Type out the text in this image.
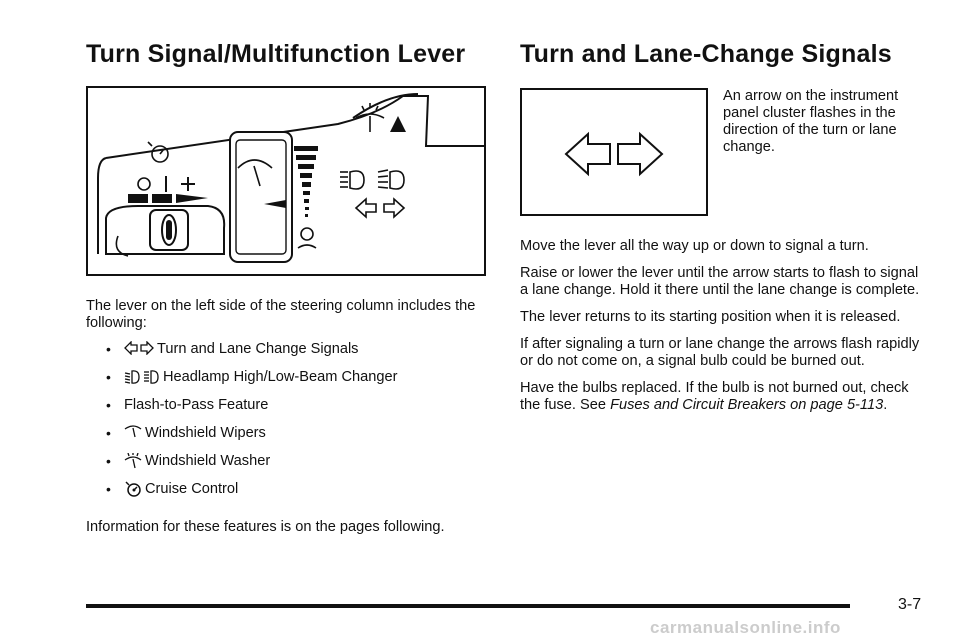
Turn Signal/Multifunction Lever

The lever on the left side of the steering column includes the following:

•	Turn and Lane Change Signals
•	Headlamp High/Low-Beam Changer
• Flash-to-Pass Feature
•	Windshield Wipers
•	Windshield Washer
•	Cruise Control

Information for these features is on the pages following.

Turn and Lane-Change Signals

An arrow on the instrument panel cluster flashes in the direction of the turn or lane change.

Move the lever all the way up or down to signal a turn.

Raise or lower the lever until the arrow starts to flash to signal a lane change. Hold it there until the lane change is complete.

The lever returns to its starting position when it is released.

If after signaling a turn or lane change the arrows flash rapidly or do not come on, a signal bulb could be burned out.

Have the bulbs replaced. If the bulb is not burned out, check the fuse. See Fuses and Circuit Breakers on page 5-113.

3-7
carmanualsonline.info
